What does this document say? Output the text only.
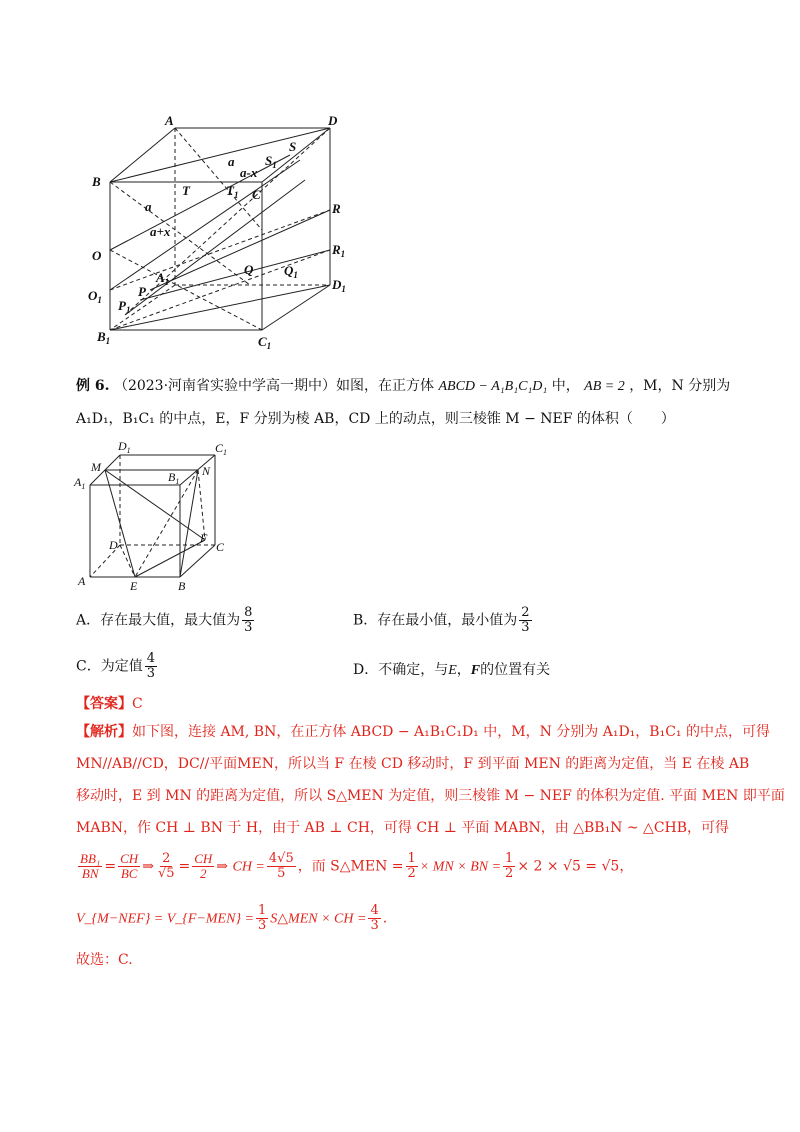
A	D
B
C
T	$T_1$
S
$S_1$
a
a
a-x
a+x
O
$O_1$
R
$R_1$
$A_1$
Q $Q_1$
P
$P_1$
$D_1$
$B_1$	$C_1$
例 6. （2023·河南省实验中学高一期中）如图，在正方体 ABCD − A₁B₁C₁D₁ 中， AB = 2 ，M，N 分别为
A₁D₁，B₁C₁ 的中点，E，F 分别为棱 AB，CD 上的动点，则三棱锥 M − NEF 的体积（　　）
$D_1$	$C_1$
M
$B_1$
N
$A_1$
D	F
C
A	E	B
A．存在最大值，最大值为 $\frac{8}{3}$	B．存在最小值，最小值为 $\frac{2}{3}$
C．为定值 $\frac{4}{3}$	D．不确定，与E，F的位置有关
【答案】C
【解析】如下图，连接 AM, BN，在正方体 ABCD − A₁B₁C₁D₁ 中，M，N 分别为 A₁D₁，B₁C₁ 的中点，可得
MN//AB//CD，DC//平面MEN，所以当 F 在棱 CD 移动时，F 到平面 MEN 的距离为定值，当 E 在棱 AB
移动时，E 到 MN 的距离为定值，所以 S△MEN 为定值，则三棱锥 M − NEF 的体积为定值. 平面 MEN 即平面
MABN，作 CH ⊥ BN 于 H，由于 AB ⊥ CH，可得 CH ⊥ 平面 MABN，由 △BB₁N ~ △CHB，可得
$\frac{\text{BB₁}}{BN} = \frac{CH}{BC}$ ⇒ $\frac{2}{√5} = \frac{CH}{2}$ ⇒ CH = $\frac{4√5}{5}$ ，而 S△MEN = $\frac{1}{2}$ × MN × BN = $\frac{1}{2} \times 2 \times √5 = √5$，
V_{M−NEF} = V_{F−MEN} = $\frac{1}{3}$ S△MEN × CH = $\frac{4}{3}$ .
故选：C.
